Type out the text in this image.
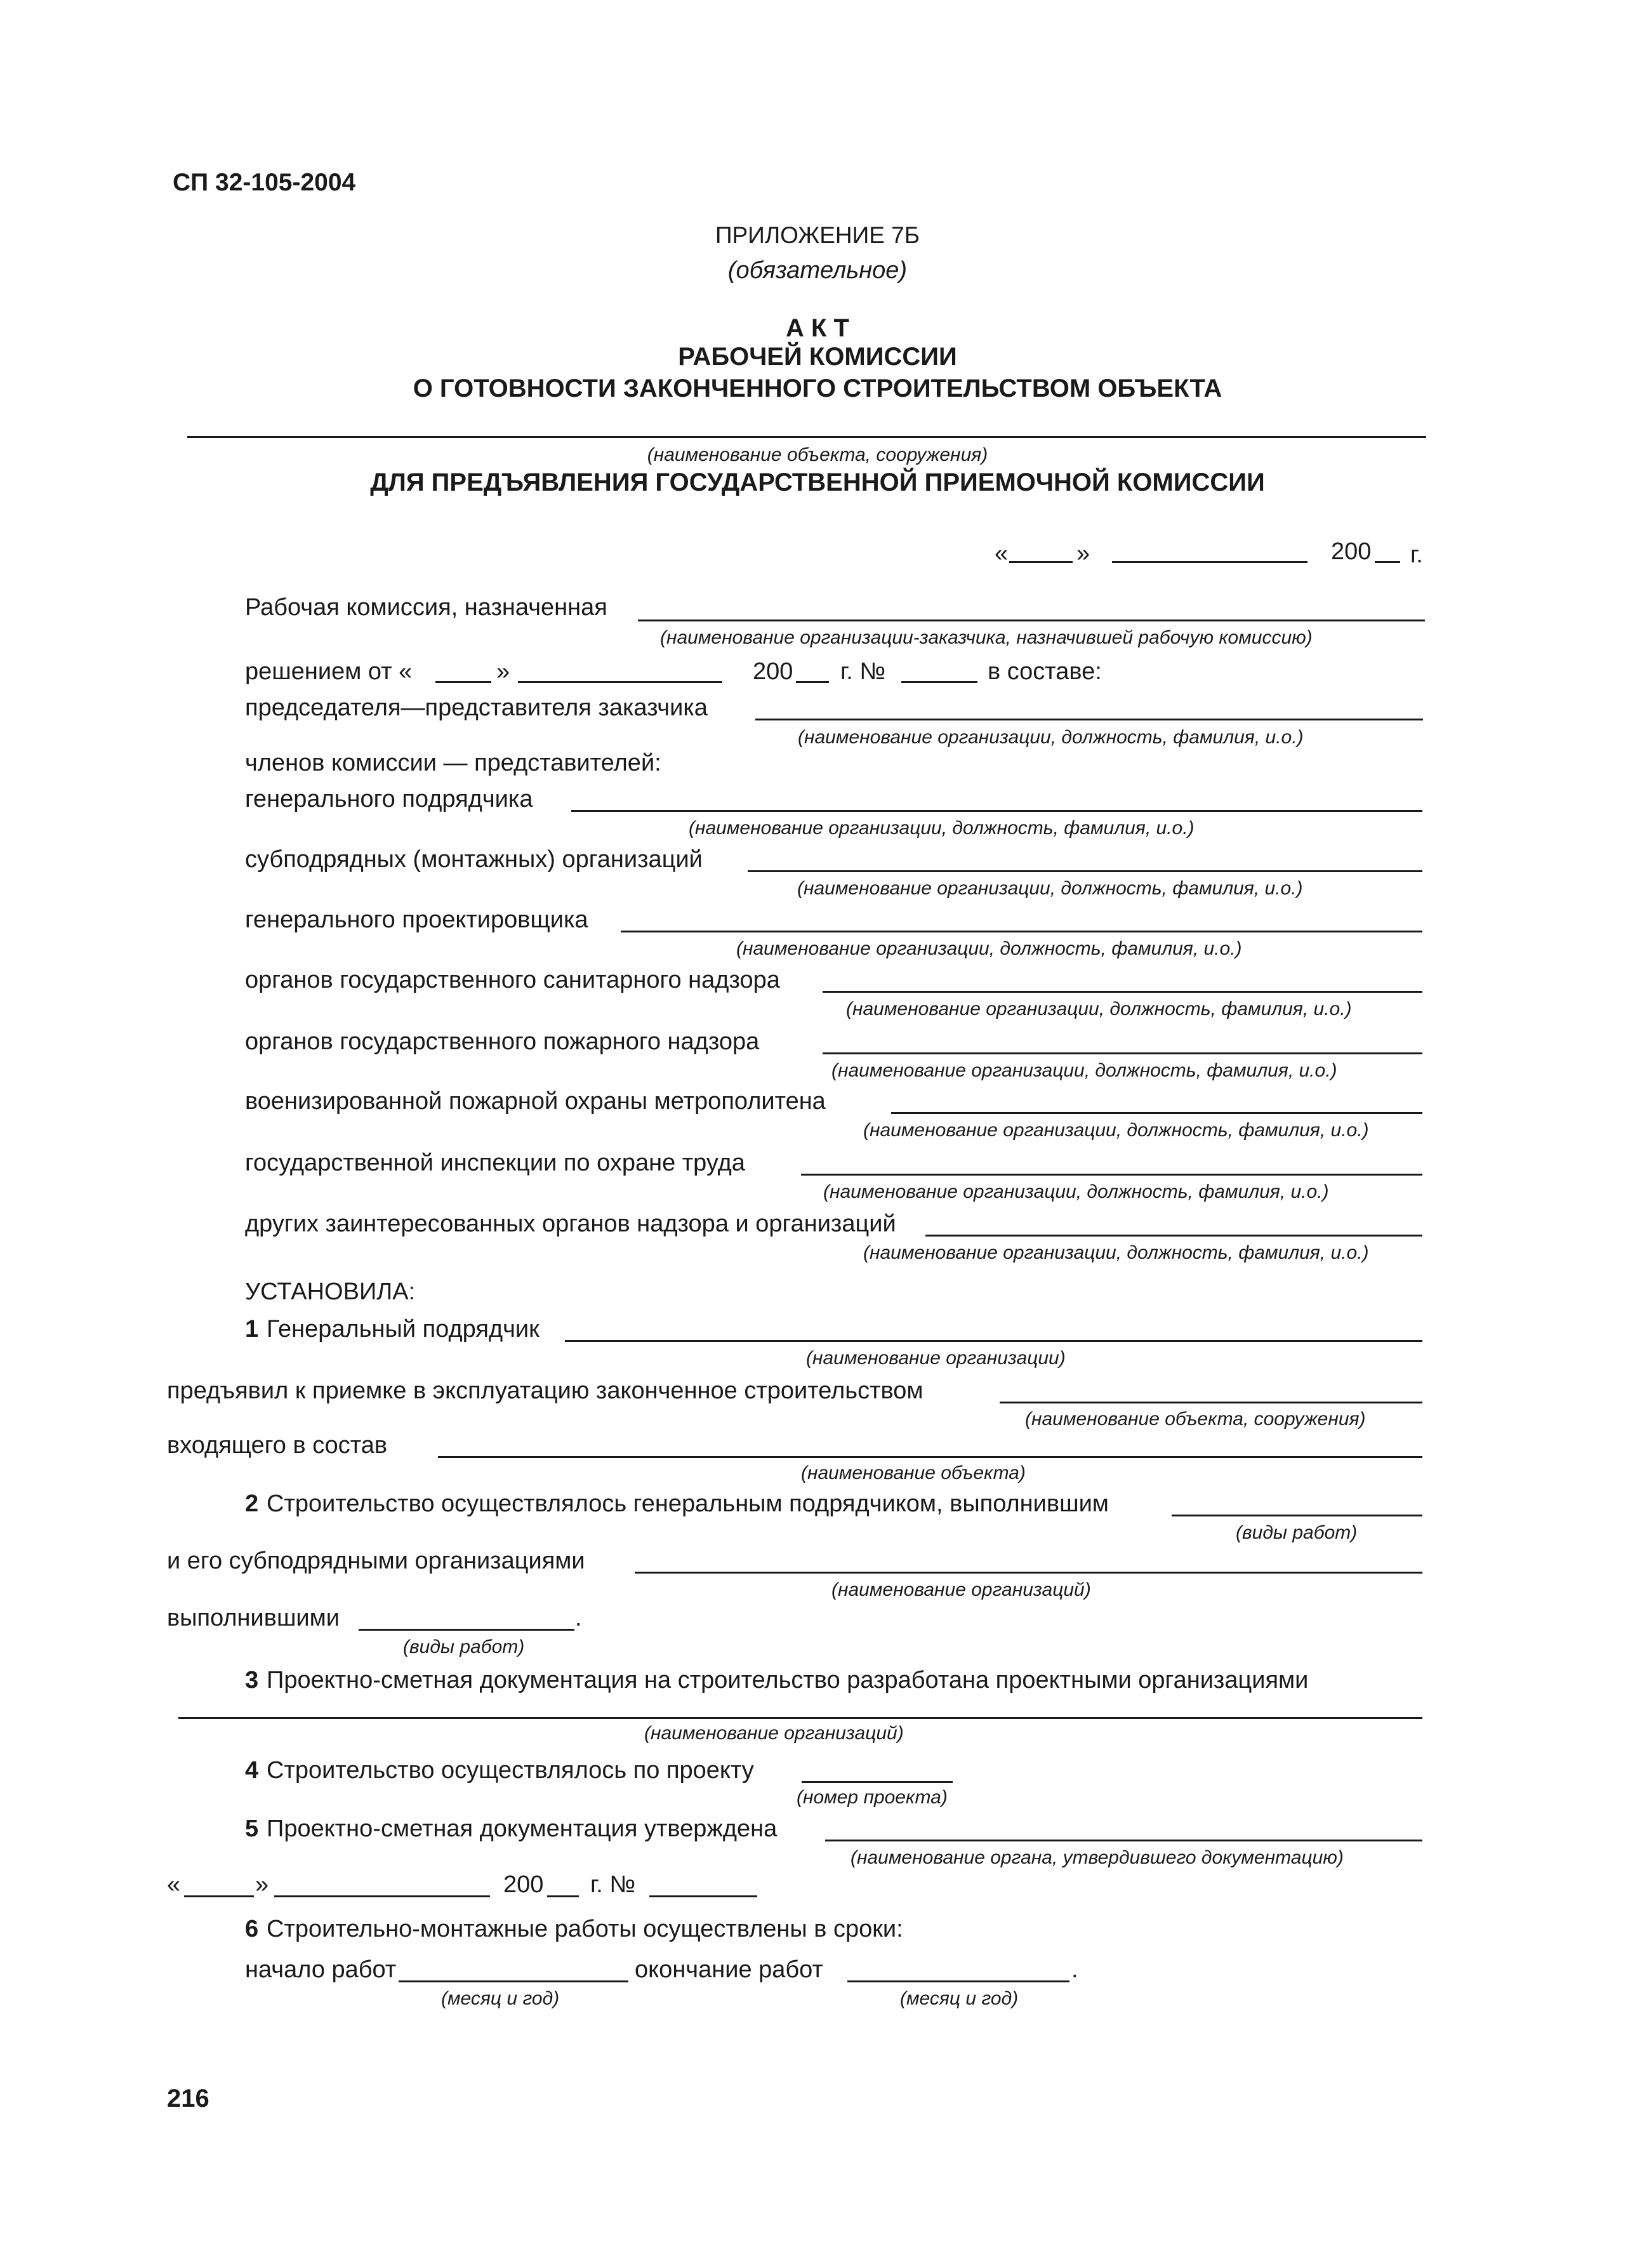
СП 32-105-2004
ПРИЛОЖЕНИЕ 7Б
(обязательное)
А К Т
РАБОЧЕЙ КОМИССИИ
О ГОТОВНОСТИ ЗАКОНЧЕННОГО СТРОИТЕЛЬСТВОМ ОБЪЕКТА
(наименование объекта, сооружения)
ДЛЯ ПРЕДЪЯВЛЕНИЯ ГОСУДАРСТВЕННОЙ ПРИЕМОЧНОЙ КОМИССИИ
«	»	200 г.
Рабочая комиссия, назначенная
(наименование организации-заказчика, назначившей рабочую комиссию)
решением от «	»	200 г. №	в составе:
председателя—представителя заказчика
(наименование организации, должность, фамилия, и.о.)
членов комиссии — представителей:
генерального подрядчика
(наименование организации, должность, фамилия, и.о.)
субподрядных (монтажных) организаций
(наименование организации, должность, фамилия, и.о.)
генерального проектировщика
(наименование организации, должность, фамилия, и.о.)
органов государственного санитарного надзора
(наименование организации, должность, фамилия, и.о.)
органов государственного пожарного надзора
(наименование организации, должность, фамилия, и.о.)
военизированной пожарной охраны метрополитена
(наименование организации, должность, фамилия, и.о.)
государственной инспекции по охране труда
(наименование организации, должность, фамилия, и.о.)
других заинтересованных органов надзора и организаций
(наименование организации, должность, фамилия, и.о.)
УСТАНОВИЛА:
1 Генеральный подрядчик
(наименование организации)
предъявил к приемке в эксплуатацию законченное строительством
(наименование объекта, сооружения)
входящего в состав
(наименование объекта)
2 Строительство осуществлялось генеральным подрядчиком, выполнившим
(виды работ)
и его субподрядными организациями
(наименование организаций)
выполнившими	.
(виды работ)
3 Проектно-сметная документация на строительство разработана проектными организациями
(наименование организаций)
4 Строительство осуществлялось по проекту
(номер проекта)
5 Проектно-сметная документация утверждена
(наименование органа, утвердившего документацию)
«	»	200 г. №
6 Строительно-монтажные работы осуществлены в сроки:
начало работ	окончание работ	.
(месяц и год)	(месяц и год)
216
